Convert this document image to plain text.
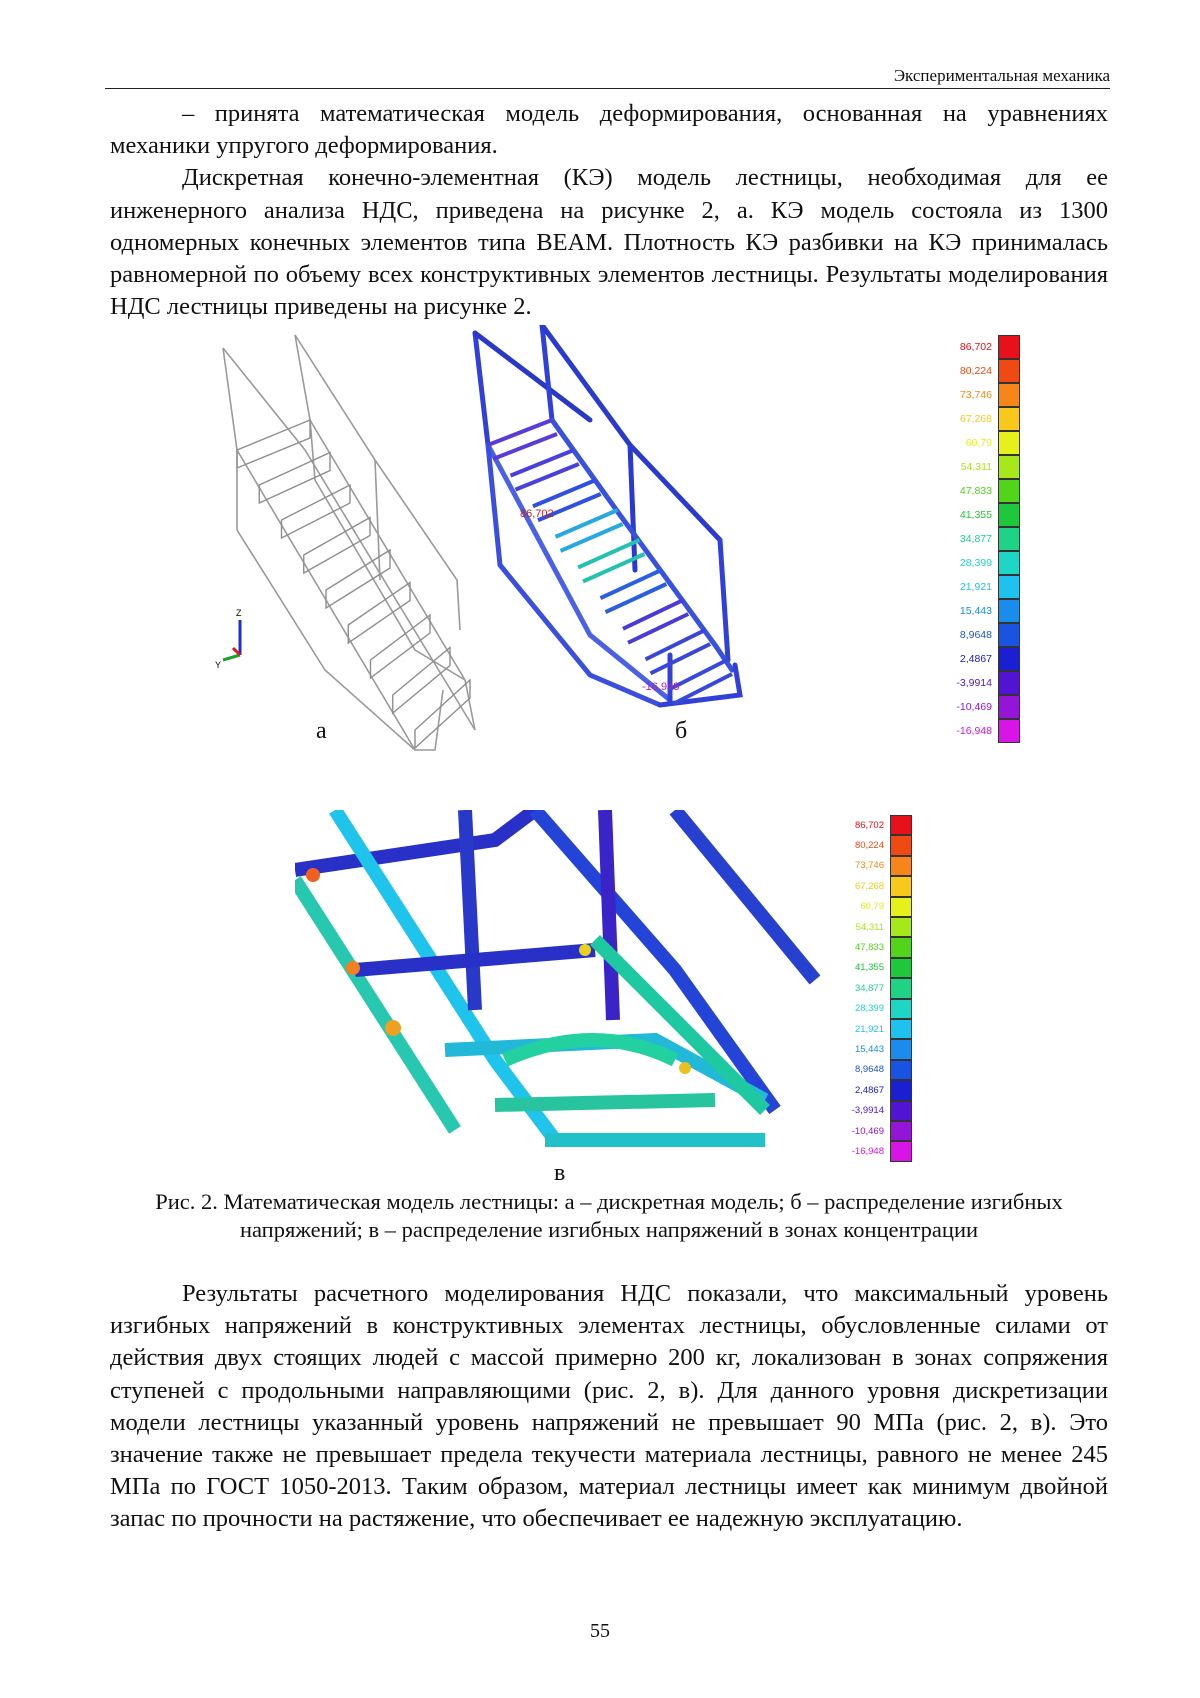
Экспериментальная механика

– принята математическая модель деформирования, основанная на уравнениях механики упругого деформирования.

Дискретная конечно-элементная (КЭ) модель лестницы, необходимая для ее инженерного анализа НДС, приведена на рисунке 2, а. КЭ модель состояла из 1300 одномерных конечных элементов типа BEAM. Плотность КЭ разбивки на КЭ принималась равномерной по объему всех конструктивных элементов лестницы. Результаты моделирования НДС лестницы приведены на рисунке 2.

Z
Y
а
86,702
-16,948
б
86,702
80,224
73,746
67,268
60,79
54,311
47,833
41,355
34,877
28,399
21,921
15,443
8,9648
2,4867
-3,9914
-10,469
-16,948
в
86,702
80,224
73,746
67,268
60,79
54,311
47,833
41,355
34,877
28,399
21,921
15,443
8,9648
2,4867
-3,9914
-10,469
-16,948
Рис. 2. Математическая модель лестницы: а – дискретная модель; б – распределение изгибных напряжений; в – распределение изгибных напряжений в зонах концентрации

Результаты расчетного моделирования НДС показали, что максимальный уровень изгибных напряжений в конструктивных элементах лестницы, обусловленные силами от действия двух стоящих людей с массой примерно 200 кг, локализован в зонах сопряжения ступеней с продольными направляющими (рис. 2, в). Для данного уровня дискретизации модели лестницы указанный уровень напряжений не превышает 90 МПа (рис. 2, в). Это значение также не превышает предела текучести материала лестницы, равного не менее 245 МПа по ГОСТ 1050-2013. Таким образом, материал лестницы имеет как минимум двойной запас по прочности на растяжение, что обеспечивает ее надежную эксплуатацию.

55
